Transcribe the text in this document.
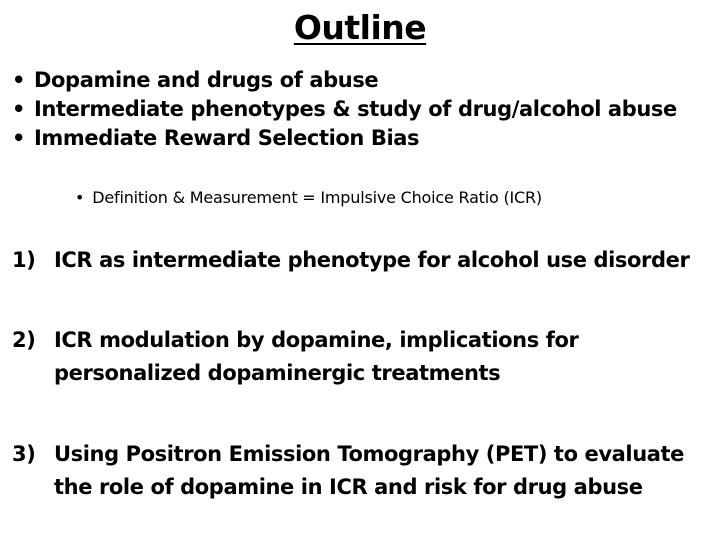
Outline
• Dopamine and drugs of abuse
• Intermediate phenotypes & study of drug/alcohol abuse
• Immediate Reward Selection Bias
• Definition & Measurement = Impulsive Choice Ratio (ICR)
1) ICR as intermediate phenotype for alcohol use disorder
2) ICR modulation by dopamine, implications for
personalized dopaminergic treatments
3) Using Positron Emission Tomography (PET) to evaluate
the role of dopamine in ICR and risk for drug abuse
